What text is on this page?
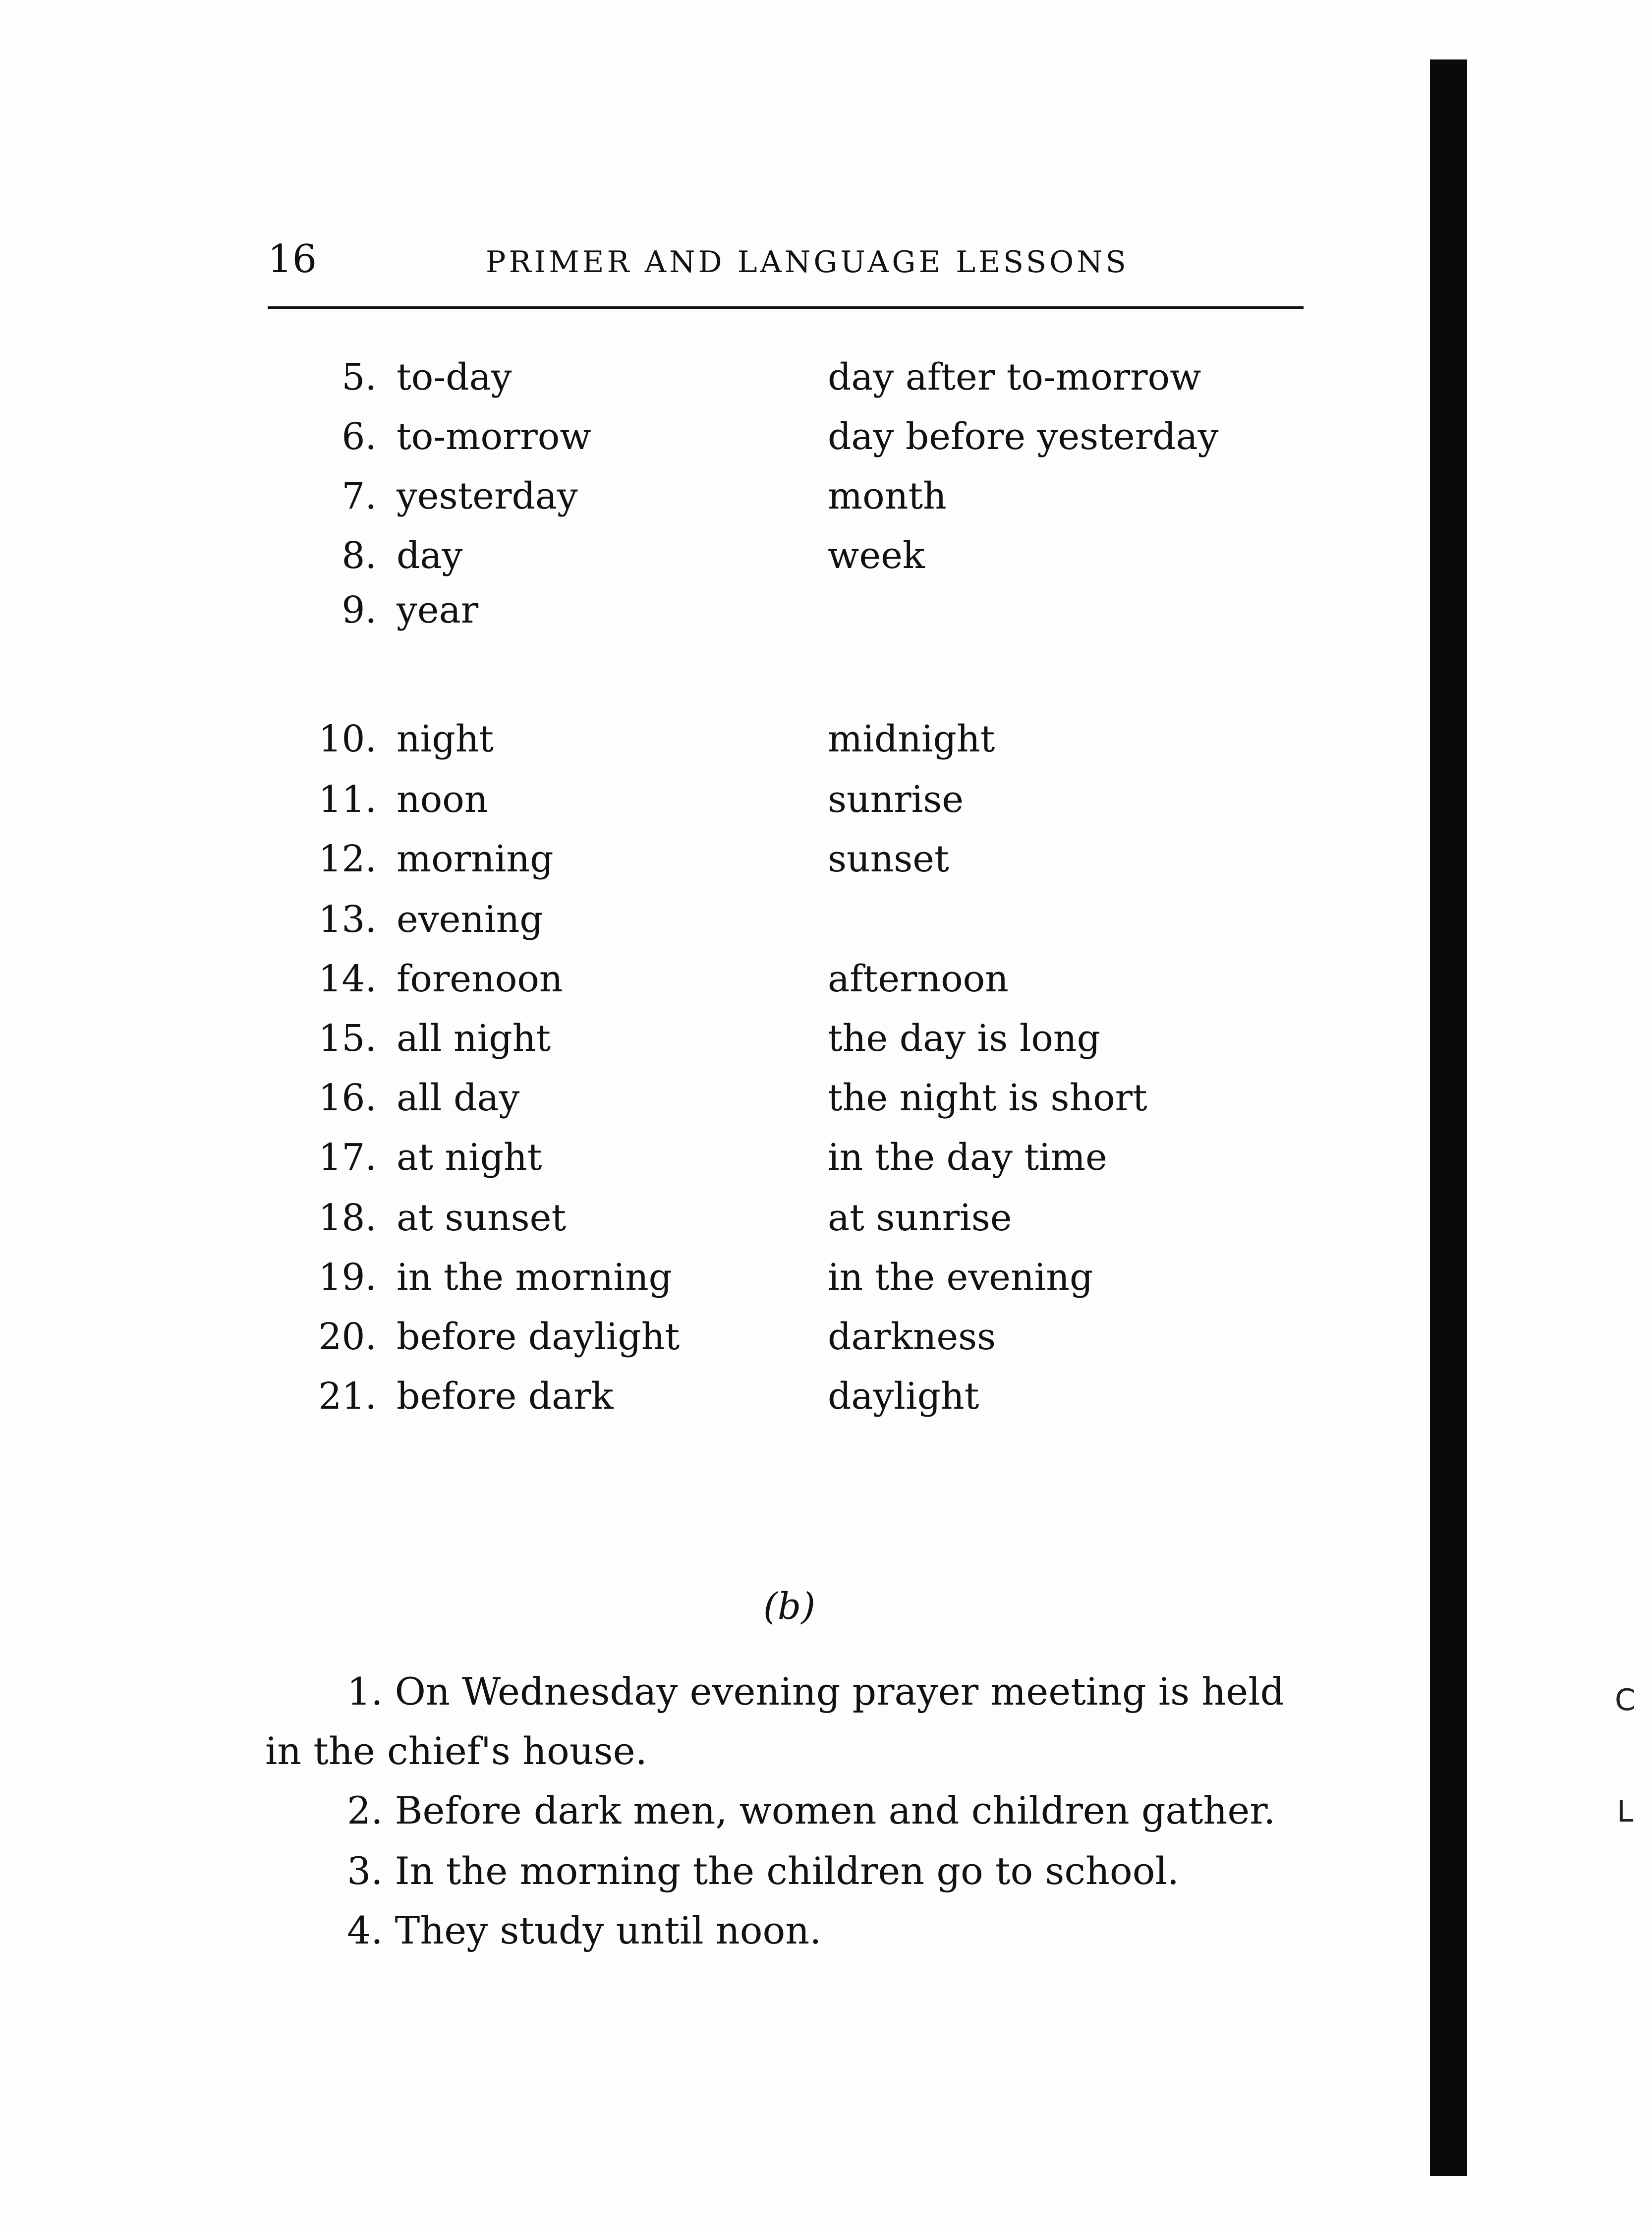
C
L
16	PRIMER AND LANGUAGE LESSONS
5. to-day	day after to-morrow
6. to-morrow	day before yesterday
7. yesterday	month
8. day	week
9. year
10. night	midnight
11. noon	sunrise
12. morning	sunset
13. evening
14. forenoon	afternoon
15. all night	the day is long
16. all day	the night is short
17. at night	in the day time
18. at sunset	at sunrise
19. in the morning	in the evening
20. before daylight	darkness
21. before dark	daylight
(b)
1. On Wednesday evening prayer meeting is held
in the chief's house.
2. Before dark men, women and children gather.
3. In the morning the children go to school.
4. They study until noon.
